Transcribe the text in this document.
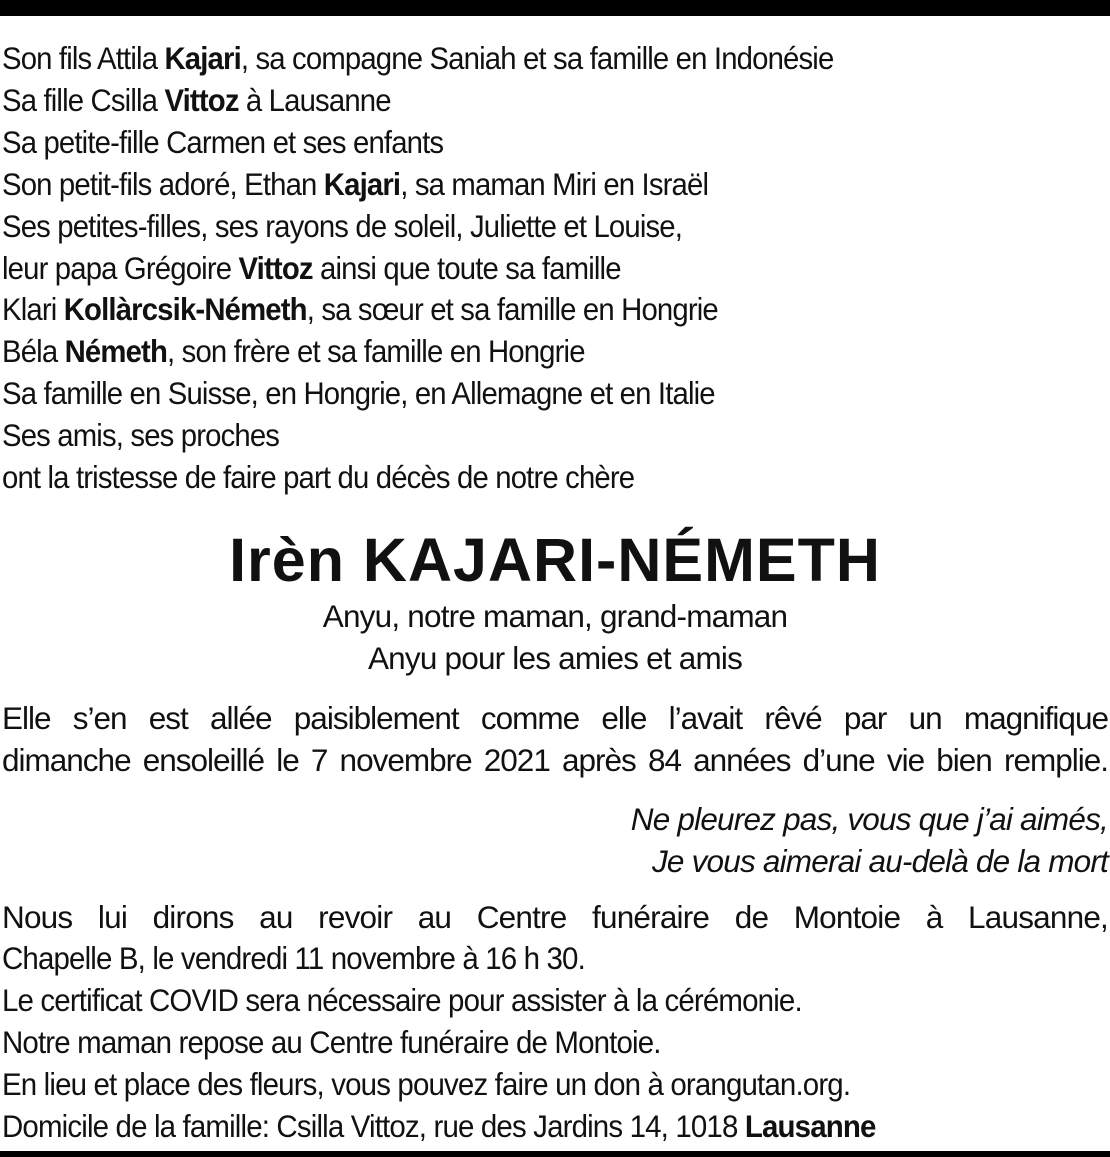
Son fils Attila Kajari, sa compagne Saniah et sa famille en Indonésie
Sa fille Csilla Vittoz à Lausanne
Sa petite-fille Carmen et ses enfants
Son petit-fils adoré, Ethan Kajari, sa maman Miri en Israël
Ses petites-filles, ses rayons de soleil, Juliette et Louise,
leur papa Grégoire Vittoz ainsi que toute sa famille
Klari Kollàrcsik-Németh, sa sœur et sa famille en Hongrie
Béla Németh, son frère et sa famille en Hongrie
Sa famille en Suisse, en Hongrie, en Allemagne et en Italie
Ses amis, ses proches
ont la tristesse de faire part du décès de notre chère
Irèn KAJARI-NÉMETH
Anyu, notre maman, grand-maman
Anyu pour les amies et amis
Elle s’en est allée paisiblement comme elle l’avait rêvé par un magnifique
dimanche ensoleillé le 7 novembre 2021 après 84 années d’une vie bien remplie.
Ne pleurez pas, vous que j’ai aimés,
Je vous aimerai au-delà de la mort
Nous lui dirons au revoir au Centre funéraire de Montoie à Lausanne,
Chapelle B, le vendredi 11 novembre à 16 h 30.
Le certificat COVID sera nécessaire pour assister à la cérémonie.
Notre maman repose au Centre funéraire de Montoie.
En lieu et place des fleurs, vous pouvez faire un don à orangutan.org.
Domicile de la famille: Csilla Vittoz, rue des Jardins 14, 1018 Lausanne
